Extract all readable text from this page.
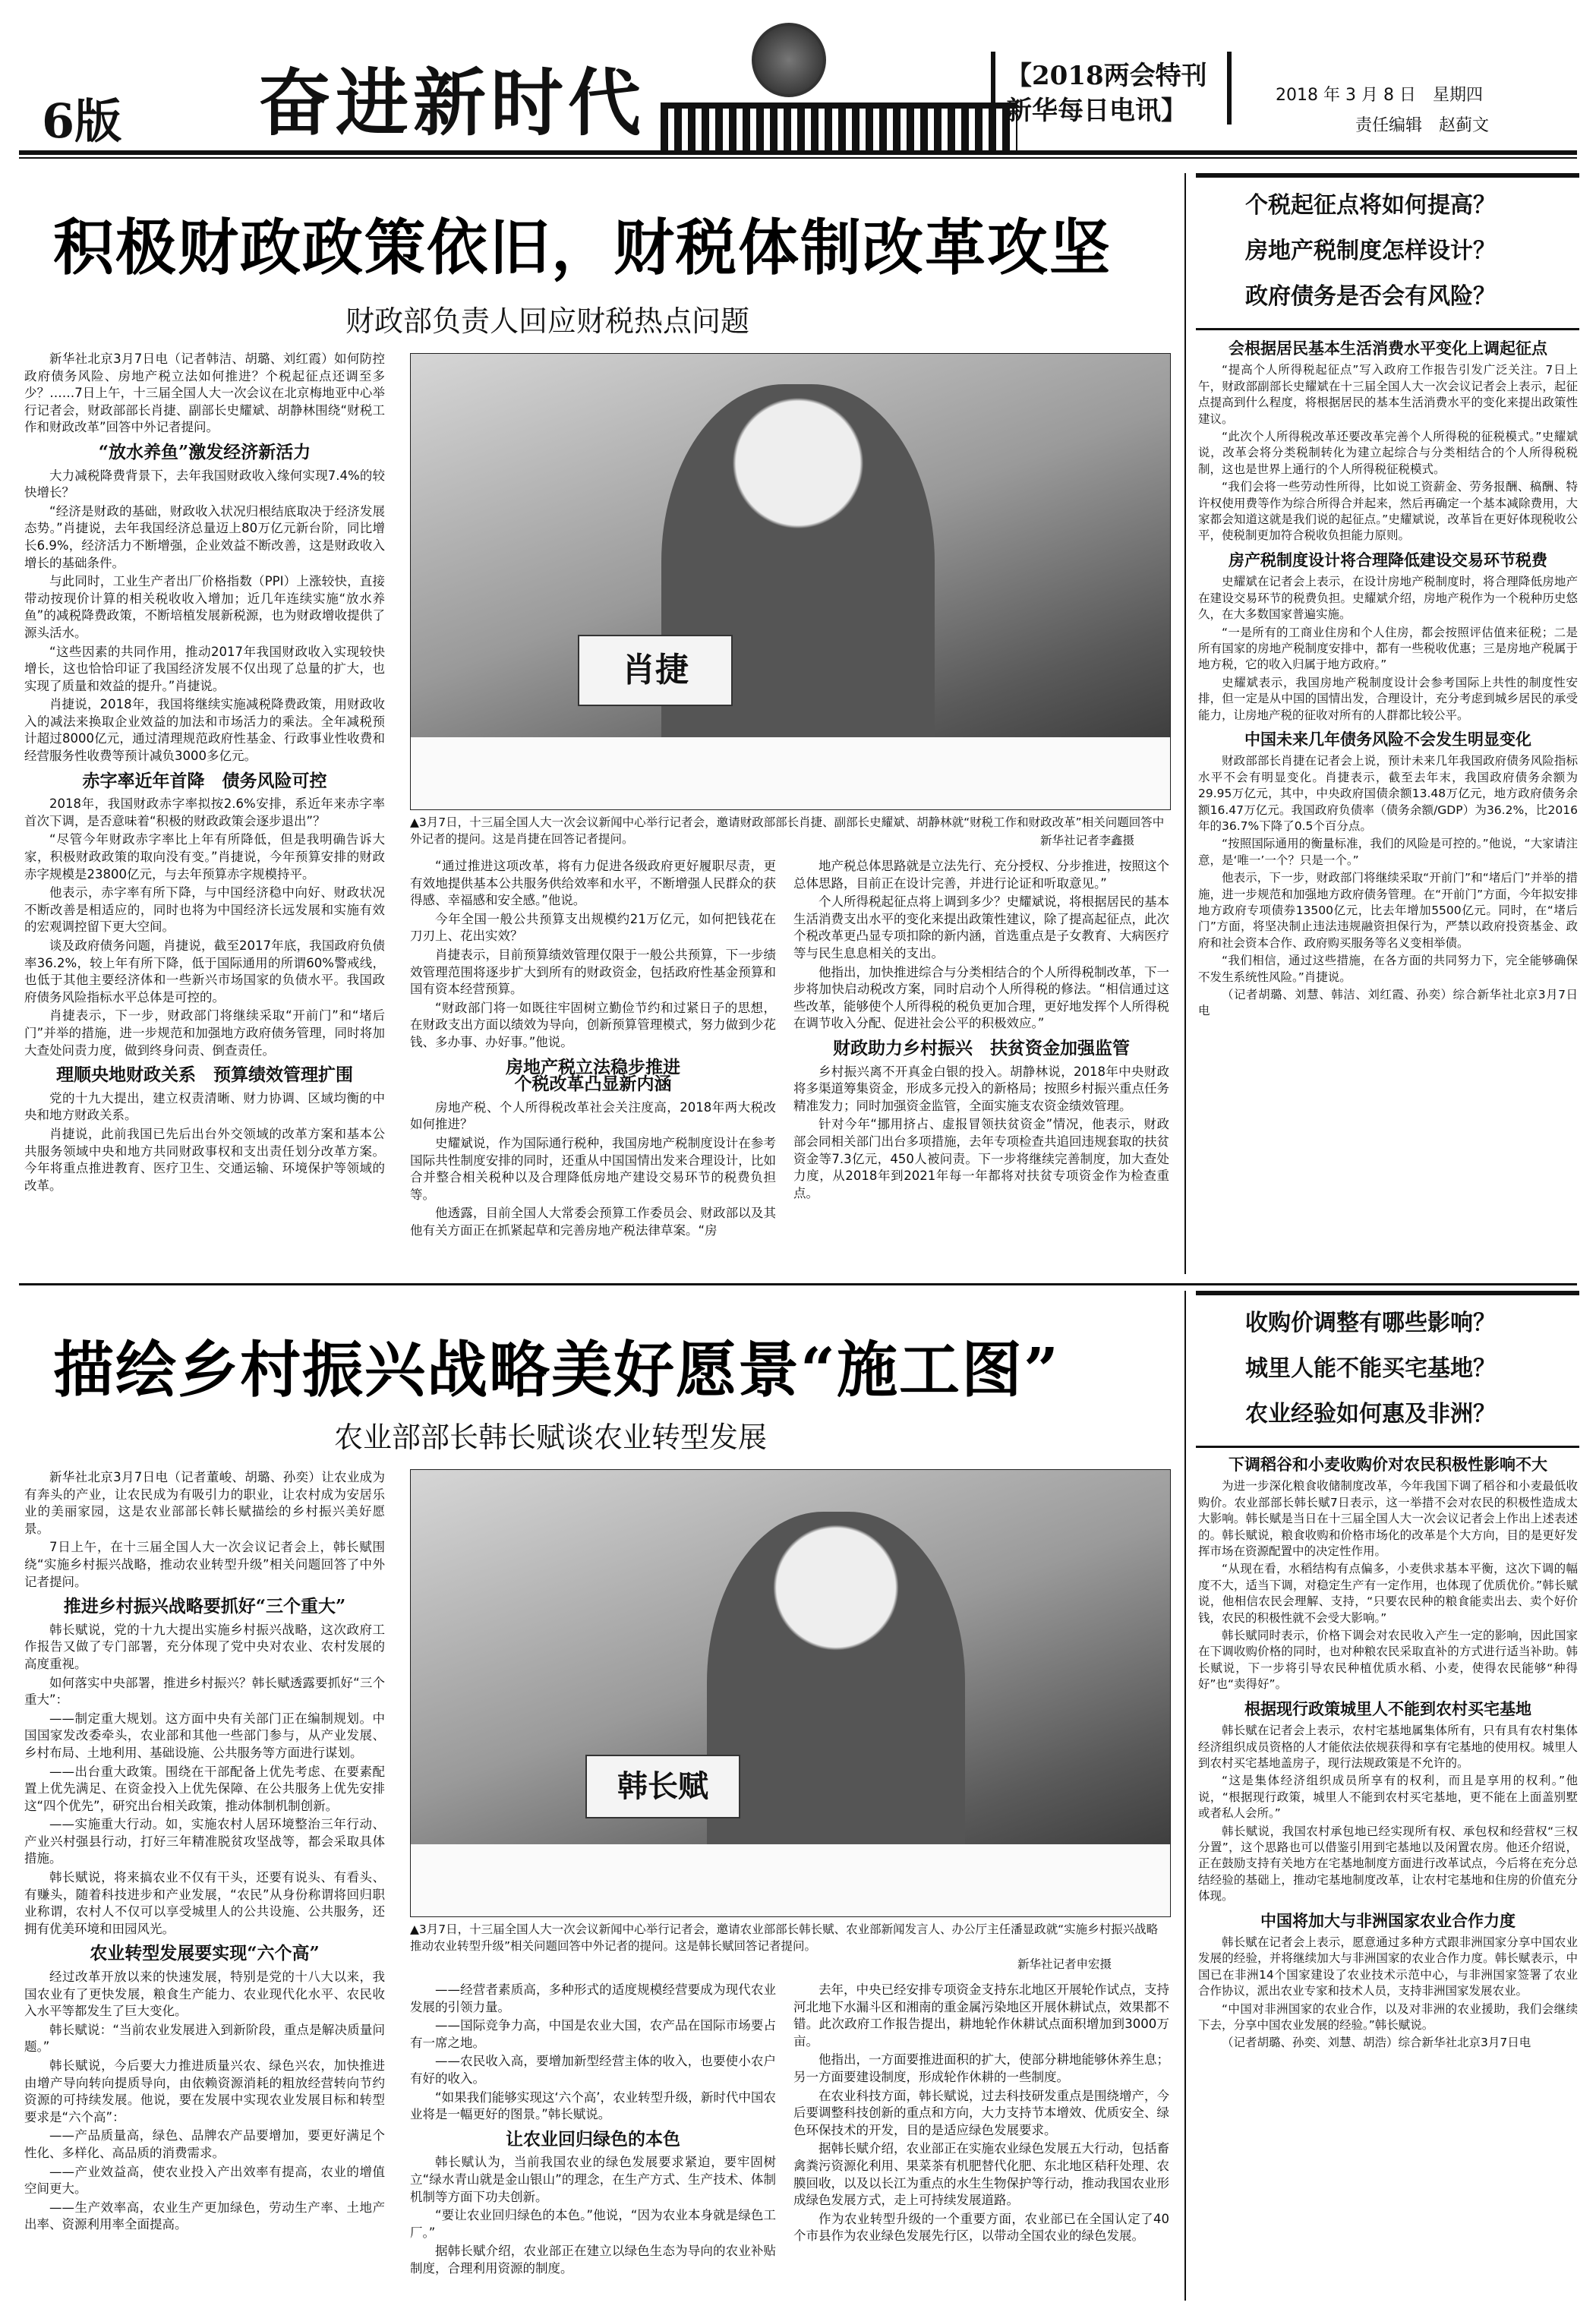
6版 奋进新时代	【2018两会特刊
新华每日电讯】
2018 年 3 月 8 日　星期四
责任编辑　赵蓟文
积极财政政策依旧，财税体制改革攻坚
财政部负责人回应财税热点问题

新华社北京3月7日电（记者韩洁、胡璐、刘红霞）如何防控政府债务风险、房地产税立法如何推进？个税起征点还调至多少？……7日上午，十三届全国人大一次会议在北京梅地亚中心举行记者会，财政部部长肖捷、副部长史耀斌、胡静林围绕“财税工作和财政改革”回答中外记者提问。

“放水养鱼”激发经济新活力

大力减税降费背景下，去年我国财政收入缘何实现7.4%的较快增长？

“经济是财政的基础，财政收入状况归根结底取决于经济发展态势。”肖捷说，去年我国经济总量迈上80万亿元新台阶，同比增长6.9%，经济活力不断增强，企业效益不断改善，这是财政收入增长的基础条件。

与此同时，工业生产者出厂价格指数（PPI）上涨较快，直接带动按现价计算的相关税收收入增加；近几年连续实施“放水养鱼”的减税降费政策，不断培植发展新税源，也为财政增收提供了源头活水。

“这些因素的共同作用，推动2017年我国财政收入实现较快增长，这也恰恰印证了我国经济发展不仅出现了总量的扩大，也实现了质量和效益的提升。”肖捷说。

肖捷说，2018年，我国将继续实施减税降费政策，用财政收入的减法来换取企业效益的加法和市场活力的乘法。全年减税预计超过8000亿元，通过清理规范政府性基金、行政事业性收费和经营服务性收费等预计减负3000多亿元。

赤字率近年首降　债务风险可控

2018年，我国财政赤字率拟按2.6%安排，系近年来赤字率首次下调，是否意味着“积极的财政政策会逐步退出”？

“尽管今年财政赤字率比上年有所降低，但是我明确告诉大家，积极财政政策的取向没有变。”肖捷说，今年预算安排的财政赤字规模是23800亿元，与去年预算赤字规模持平。

他表示，赤字率有所下降，与中国经济稳中向好、财政状况不断改善是相适应的，同时也将为中国经济长远发展和实施有效的宏观调控留下更大空间。

谈及政府债务问题，肖捷说，截至2017年底，我国政府负债率36.2%，较上年有所下降，低于国际通用的所谓60%警戒线，也低于其他主要经济体和一些新兴市场国家的负债水平。我国政府债务风险指标水平总体是可控的。

肖捷表示，下一步，财政部门将继续采取“开前门”和“堵后门”并举的措施，进一步规范和加强地方政府债务管理，同时将加大查处问责力度，做到终身问责、倒查责任。

理顺央地财政关系　预算绩效管理扩围

党的十九大提出，建立权责清晰、财力协调、区域均衡的中央和地方财政关系。

肖捷说，此前我国已先后出台外交领域的改革方案和基本公共服务领域中央和地方共同财政事权和支出责任划分改革方案。今年将重点推进教育、医疗卫生、交通运输、环境保护等领域的改革。

肖捷
▲3月7日，十三届全国人大一次会议新闻中心举行记者会，邀请财政部部长肖捷、副部长史耀斌、胡静林就“财税工作和财政改革”相关问题回答中外记者的提问。这是肖捷在回答记者提问。	新华社记者李鑫摄

“通过推进这项改革，将有力促进各级政府更好履职尽责，更有效地提供基本公共服务供给效率和水平，不断增强人民群众的获得感、幸福感和安全感。”他说。

今年全国一般公共预算支出规模约21万亿元，如何把钱花在刀刃上、花出实效？

肖捷表示，目前预算绩效管理仅限于一般公共预算，下一步绩效管理范围将逐步扩大到所有的财政资金，包括政府性基金预算和国有资本经营预算。

“财政部门将一如既往牢固树立勤俭节约和过紧日子的思想，在财政支出方面以绩效为导向，创新预算管理模式，努力做到少花钱、多办事、办好事。”他说。

房地产税立法稳步推进
个税改革凸显新内涵

房地产税、个人所得税改革社会关注度高，2018年两大税改如何推进？

史耀斌说，作为国际通行税种，我国房地产税制度设计在参考国际共性制度安排的同时，还重从中国国情出发来合理设计，比如合并整合相关税种以及合理降低房地产建设交易环节的税费负担等。

他透露，目前全国人大常委会预算工作委员会、财政部以及其他有关方面正在抓紧起草和完善房地产税法律草案。“房

地产税总体思路就是立法先行、充分授权、分步推进，按照这个总体思路，目前正在设计完善，并进行论证和听取意见。”

个人所得税起征点将上调到多少？史耀斌说，将根据居民的基本生活消费支出水平的变化来提出政策性建议，除了提高起征点，此次个税改革更凸显专项扣除的新内涵，首选重点是子女教育、大病医疗等与民生息息相关的支出。

他指出，加快推进综合与分类相结合的个人所得税制改革，下一步将加快启动税改方案，同时启动个人所得税的修法。“相信通过这些改革，能够使个人所得税的税负更加合理，更好地发挥个人所得税在调节收入分配、促进社会公平的积极效应。”

财政助力乡村振兴　扶贫资金加强监管

乡村振兴离不开真金白银的投入。胡静林说，2018年中央财政将多渠道筹集资金，形成多元投入的新格局；按照乡村振兴重点任务精准发力；同时加强资金监管，全面实施支农资金绩效管理。

针对今年“挪用挤占、虚报冒领扶贫资金”情况，他表示，财政部会同相关部门出台多项措施，去年专项检查共追回违规套取的扶贫资金等7.3亿元，450人被问责。下一步将继续完善制度，加大查处力度，从2018年到2021年每一年都将对扶贫专项资金作为检查重点。

个税起征点将如何提高？
房地产税制度怎样设计？
政府债务是否会有风险？
会根据居民基本生活消费水平变化上调起征点

“提高个人所得税起征点”写入政府工作报告引发广泛关注。7日上午，财政部副部长史耀斌在十三届全国人大一次会议记者会上表示，起征点提高到什么程度，将根据居民的基本生活消费水平的变化来提出政策性建议。

“此次个人所得税改革还要改革完善个人所得税的征税模式。”史耀斌说，改革会将分类税制转化为建立起综合与分类相结合的个人所得税税制，这也是世界上通行的个人所得税征税模式。

“我们会将一些劳动性所得，比如说工资薪金、劳务报酬、稿酬、特许权使用费等作为综合所得合并起来，然后再确定一个基本减除费用，大家都会知道这就是我们说的起征点。”史耀斌说，改革旨在更好体现税收公平，使税制更加符合税收负担能力原则。

房产税制度设计将合理降低建设交易环节税费

史耀斌在记者会上表示，在设计房地产税制度时，将合理降低房地产在建设交易环节的税费负担。史耀斌介绍，房地产税作为一个税种历史悠久，在大多数国家普遍实施。

“一是所有的工商业住房和个人住房，都会按照评估值来征税；二是所有国家的房地产税制度安排中，都有一些税收优惠；三是房地产税属于地方税，它的收入归属于地方政府。”

史耀斌表示，我国房地产税制度设计会参考国际上共性的制度性安排，但一定是从中国的国情出发，合理设计，充分考虑到城乡居民的承受能力，让房地产税的征收对所有的人群都比较公平。

中国未来几年债务风险不会发生明显变化

财政部部长肖捷在记者会上说，预计未来几年我国政府债务风险指标水平不会有明显变化。肖捷表示，截至去年末，我国政府债务余额为29.95万亿元，其中，中央政府国债余额13.48万亿元，地方政府债务余额16.47万亿元。我国政府负债率（债务余额/GDP）为36.2%，比2016年的36.7%下降了0.5个百分点。

“按照国际通用的衡量标准，我们的风险是可控的。”他说，“大家请注意，是‘唯一’一个？只是一个。”

他表示，下一步，财政部门将继续采取“开前门”和“堵后门”并举的措施，进一步规范和加强地方政府债务管理。在“开前门”方面，今年拟安排地方政府专项债券13500亿元，比去年增加5500亿元。同时，在“堵后门”方面，将坚决制止违法违规融资担保行为，严禁以政府投资基金、政府和社会资本合作、政府购买服务等名义变相举债。

“我们相信，通过这些措施，在各方面的共同努力下，完全能够确保不发生系统性风险。”肖捷说。

（记者胡璐、刘慧、韩洁、刘红霞、孙奕）综合新华社北京3月7日电

描绘乡村振兴战略美好愿景“施工图”
农业部部长韩长赋谈农业转型发展

新华社北京3月7日电（记者董峻、胡璐、孙奕）让农业成为有奔头的产业，让农民成为有吸引力的职业，让农村成为安居乐业的美丽家园，这是农业部部长韩长赋描绘的乡村振兴美好愿景。

7日上午，在十三届全国人大一次会议记者会上，韩长赋围绕“实施乡村振兴战略，推动农业转型升级”相关问题回答了中外记者提问。

推进乡村振兴战略要抓好“三个重大”

韩长赋说，党的十九大提出实施乡村振兴战略，这次政府工作报告又做了专门部署，充分体现了党中央对农业、农村发展的高度重视。

如何落实中央部署，推进乡村振兴？韩长赋透露要抓好“三个重大”：

——制定重大规划。这方面中央有关部门正在编制规划。中国国家发改委牵头，农业部和其他一些部门参与，从产业发展、乡村布局、土地利用、基础设施、公共服务等方面进行谋划。

——出台重大政策。围绕在干部配备上优先考虑、在要素配置上优先满足、在资金投入上优先保障、在公共服务上优先安排这“四个优先”，研究出台相关政策，推动体制机制创新。

——实施重大行动。如，实施农村人居环境整治三年行动、产业兴村强县行动，打好三年精准脱贫攻坚战等，都会采取具体措施。

韩长赋说，将来搞农业不仅有干头，还要有说头、有看头、有赚头，随着科技进步和产业发展，“农民”从身份称谓将回归职业称谓，农村人不仅可以享受城里人的公共设施、公共服务，还拥有优美环境和田园风光。

农业转型发展要实现“六个高”

经过改革开放以来的快速发展，特别是党的十八大以来，我国农业有了更快发展，粮食生产能力、农业现代化水平、农民收入水平等都发生了巨大变化。

韩长赋说：“当前农业发展进入到新阶段，重点是解决质量问题。”

韩长赋说，今后要大力推进质量兴农、绿色兴农，加快推进由增产导向转向提质导向，由依赖资源消耗的粗放经营转向节约资源的可持续发展。他说，要在发展中实现农业发展目标和转型要求是“六个高”：

——产品质量高，绿色、品牌农产品要增加，要更好满足个性化、多样化、高品质的消费需求。

——产业效益高，使农业投入产出效率有提高，农业的增值空间更大。

——生产效率高，农业生产更加绿色，劳动生产率、土地产出率、资源利用率全面提高。

韩长赋
▲3月7日，十三届全国人大一次会议新闻中心举行记者会，邀请农业部部长韩长赋、农业部新闻发言人、办公厅主任潘显政就“实施乡村振兴战略　推动农业转型升级”相关问题回答中外记者的提问。这是韩长赋回答记者提问。
新华社记者申宏摄

——经营者素质高，多种形式的适度规模经营要成为现代农业发展的引领力量。

——国际竞争力高，中国是农业大国，农产品在国际市场要占有一席之地。

——农民收入高，要增加新型经营主体的收入，也要使小农户有好的收入。

“如果我们能够实现这‘六个高’，农业转型升级，新时代中国农业将是一幅更好的图景。”韩长赋说。

让农业回归绿色的本色

韩长赋认为，当前我国农业的绿色发展要求紧迫，要牢固树立“绿水青山就是金山银山”的理念，在生产方式、生产技术、体制机制等方面下功夫创新。

“要让农业回归绿色的本色。”他说，“因为农业本身就是绿色工厂。”

据韩长赋介绍，农业部正在建立以绿色生态为导向的农业补贴制度，合理利用资源的制度。

去年，中央已经安排专项资金支持东北地区开展轮作试点，支持河北地下水漏斗区和湘南的重金属污染地区开展休耕试点，效果都不错。此次政府工作报告提出，耕地轮作休耕试点面积增加到3000万亩。

他指出，一方面要推进面积的扩大，使部分耕地能够休养生息；另一方面要建设制度，形成轮作休耕的一些制度。

在农业科技方面，韩长赋说，过去科技研发重点是围绕增产，今后要调整科技创新的重点和方向，大力支持节本增效、优质安全、绿色环保技术的开发，目的是适应绿色发展要求。

据韩长赋介绍，农业部正在实施农业绿色发展五大行动，包括畜禽粪污资源化利用、果菜茶有机肥替代化肥、东北地区秸秆处理、农膜回收，以及以长江为重点的水生生物保护等行动，推动我国农业形成绿色发展方式，走上可持续发展道路。

作为农业转型升级的一个重要方面，农业部已在全国认定了40个市县作为农业绿色发展先行区，以带动全国农业的绿色发展。

收购价调整有哪些影响？
城里人能不能买宅基地？
农业经验如何惠及非洲？
下调稻谷和小麦收购价对农民积极性影响不大

为进一步深化粮食收储制度改革，今年我国下调了稻谷和小麦最低收购价。农业部部长韩长赋7日表示，这一举措不会对农民的积极性造成太大影响。韩长赋是当日在十三届全国人大一次会议记者会上作出上述表述的。韩长赋说，粮食收购和价格市场化的改革是个大方向，目的是更好发挥市场在资源配置中的决定性作用。

“从现在看，水稻结构有点偏多，小麦供求基本平衡，这次下调的幅度不大，适当下调，对稳定生产有一定作用，也体现了优质优价。”韩长赋说，他相信农民会理解、支持，“只要农民种的粮食能卖出去、卖个好价钱，农民的积极性就不会受大影响。”

韩长赋同时表示，价格下调会对农民收入产生一定的影响，因此国家在下调收购价格的同时，也对种粮农民采取直补的方式进行适当补助。韩长赋说，下一步将引导农民种植优质水稻、小麦，使得农民能够“种得好”也“卖得好”。

根据现行政策城里人不能到农村买宅基地

韩长赋在记者会上表示，农村宅基地属集体所有，只有具有农村集体经济组织成员资格的人才能依法依规获得和享有宅基地的使用权。城里人到农村买宅基地盖房子，现行法规政策是不允许的。

“这是集体经济组织成员所享有的权利，而且是享用的权利。”他说，“根据现行政策，城里人不能到农村买宅基地，更不能在上面盖别墅或者私人会所。”

韩长赋说，我国农村承包地已经实现所有权、承包权和经营权“三权分置”，这个思路也可以借鉴引用到宅基地以及闲置农房。他还介绍说，正在鼓励支持有关地方在宅基地制度方面进行改革试点，今后将在充分总结经验的基础上，推动宅基地制度改革，让农村宅基地和住房的价值充分体现。

中国将加大与非洲国家农业合作力度

韩长赋在记者会上表示，愿意通过多种方式跟非洲国家分享中国农业发展的经验，并将继续加大与非洲国家的农业合作力度。韩长赋表示，中国已在非洲14个国家建设了农业技术示范中心，与非洲国家签署了农业合作协议，派出农业专家和技术人员，支持非洲国家发展农业。

“中国对非洲国家的农业合作，以及对非洲的农业援助，我们会继续下去，分享中国农业发展的经验。”韩长赋说。

（记者胡璐、孙奕、刘慧、胡浩）综合新华社北京3月7日电
